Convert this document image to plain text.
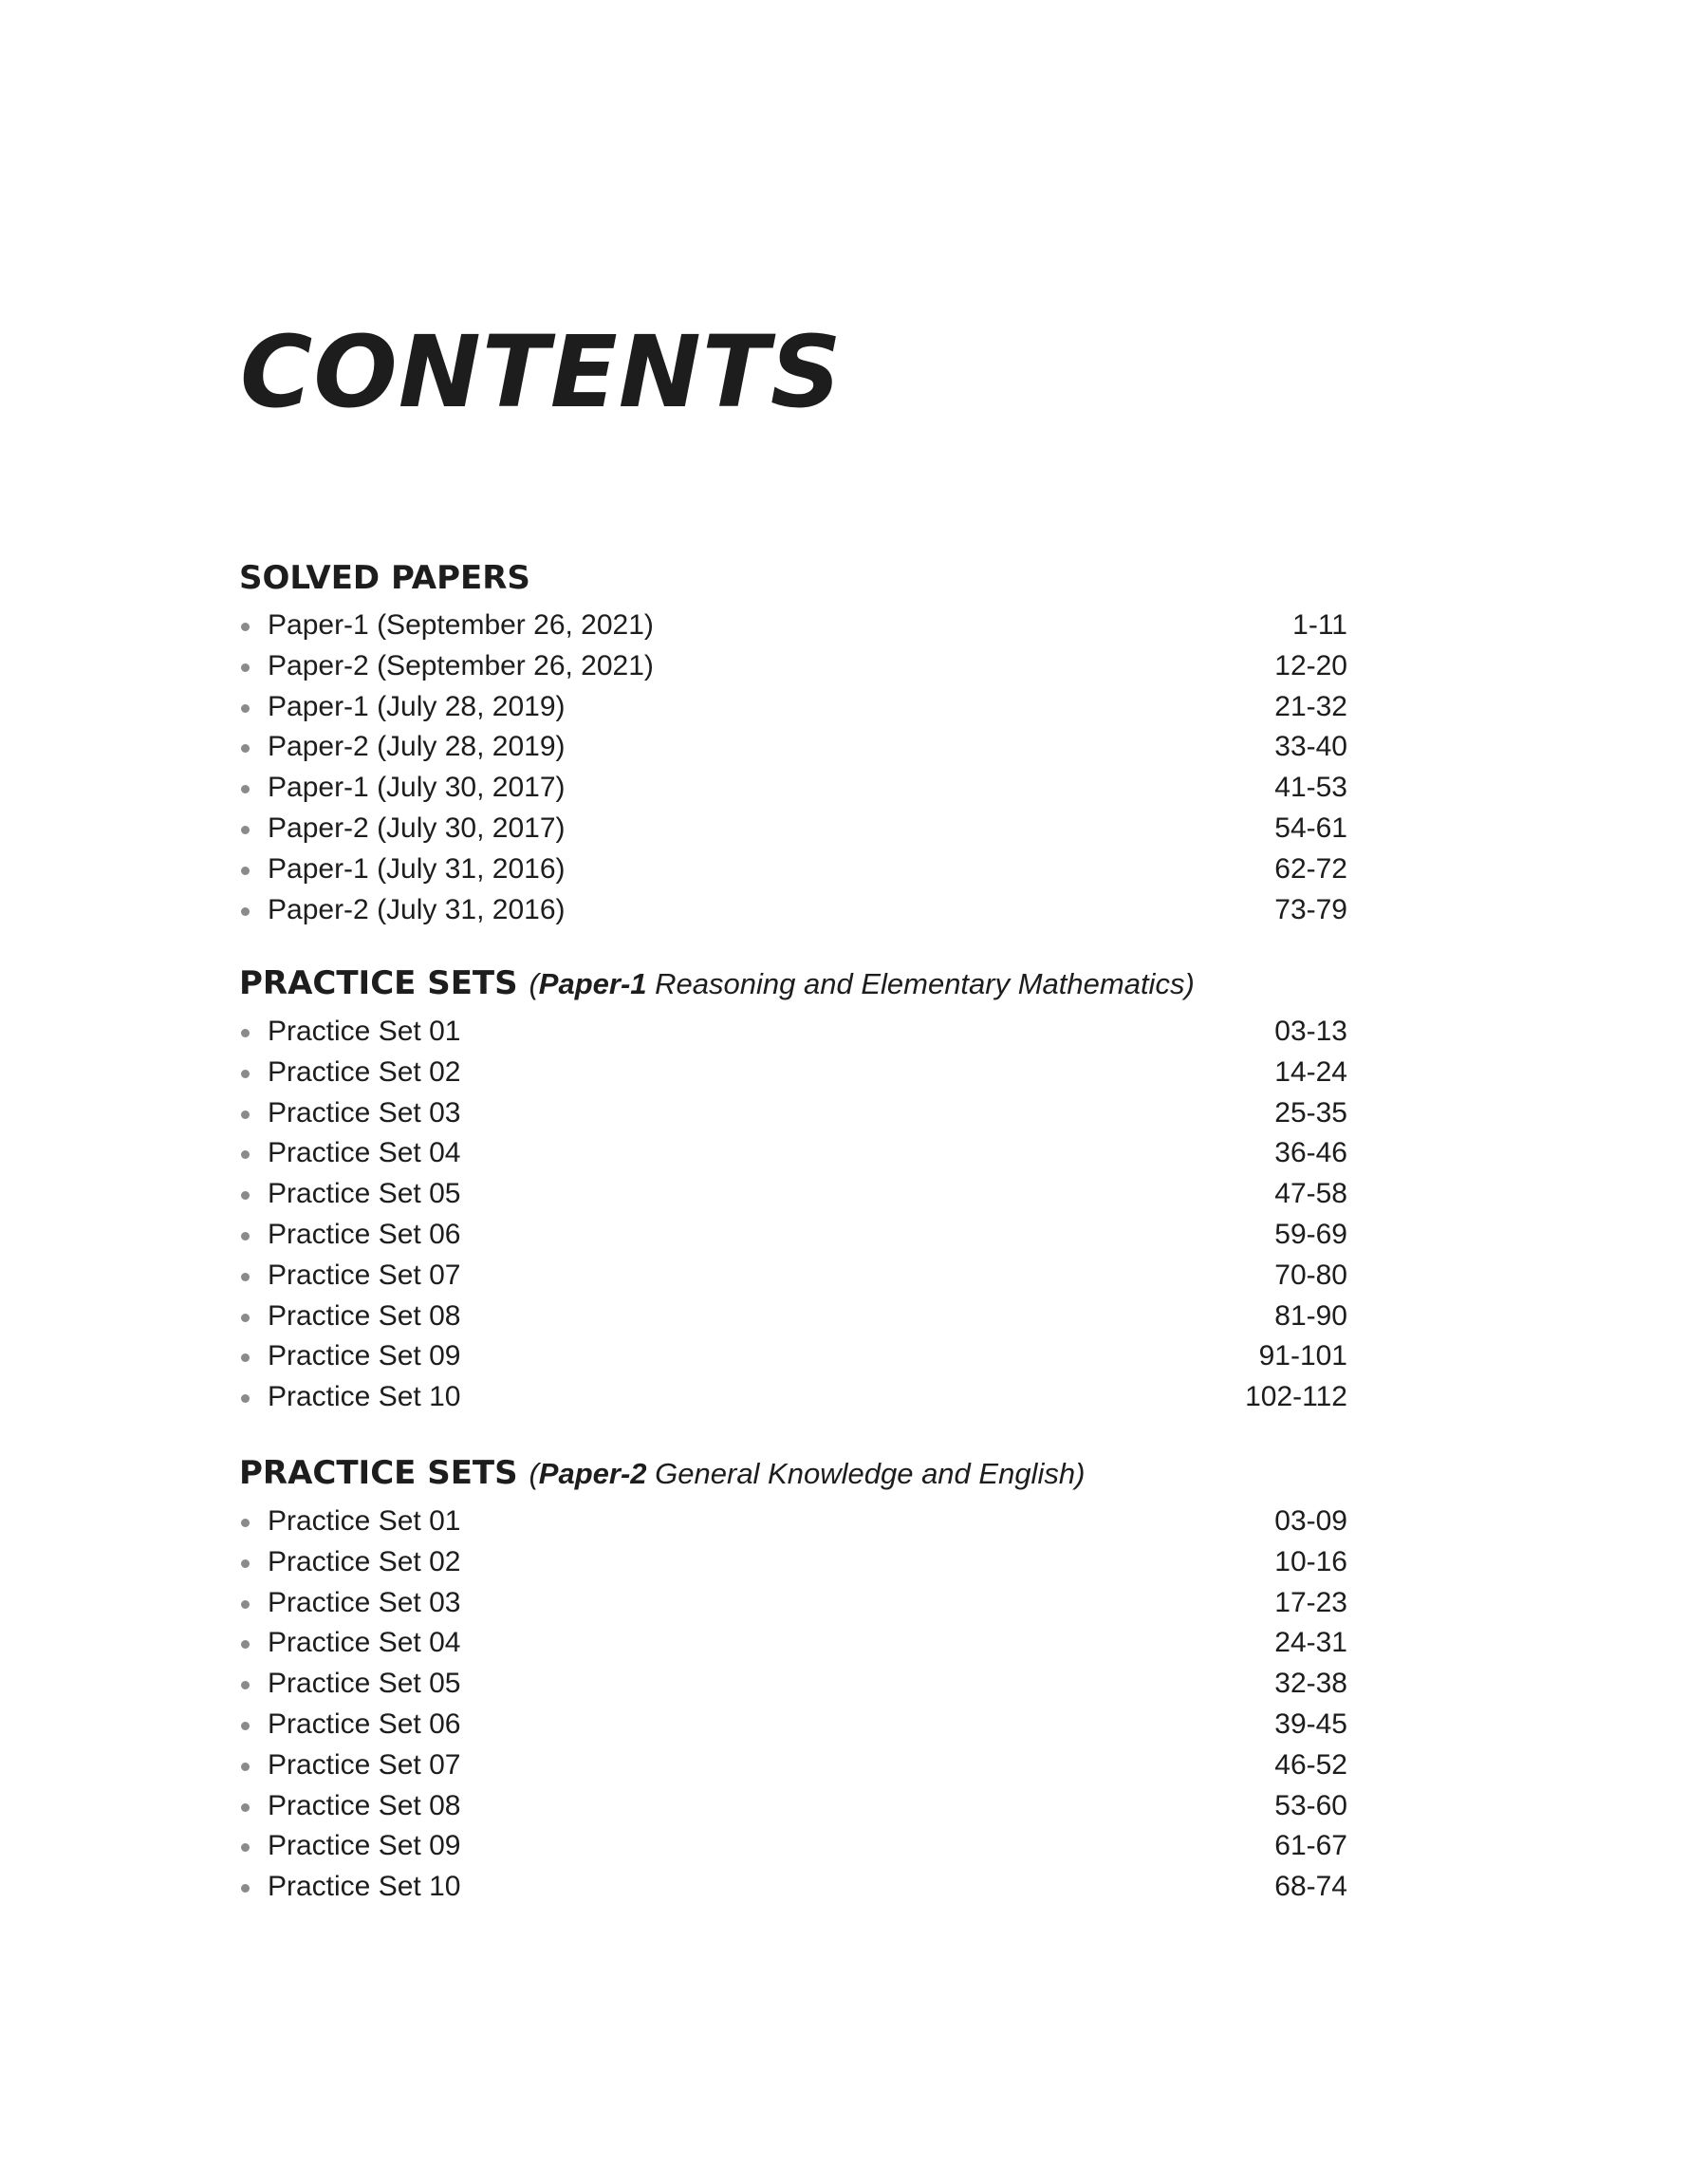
CONTENTS
SOLVED PAPERS
Paper-1 (September 26, 2021)	1-11
Paper-2 (September 26, 2021)	12-20
Paper-1 (July 28, 2019)	21-32
Paper-2 (July 28, 2019)	33-40
Paper-1 (July 30, 2017)	41-53
Paper-2 (July 30, 2017)	54-61
Paper-1 (July 31, 2016)	62-72
Paper-2 (July 31, 2016)	73-79
PRACTICE SETS (Paper-1 Reasoning and Elementary Mathematics)
Practice Set 01	03-13
Practice Set 02	14-24
Practice Set 03	25-35
Practice Set 04	36-46
Practice Set 05	47-58
Practice Set 06	59-69
Practice Set 07	70-80
Practice Set 08	81-90
Practice Set 09	91-101
Practice Set 10	102-112
PRACTICE SETS (Paper-2 General Knowledge and English)
Practice Set 01	03-09
Practice Set 02	10-16
Practice Set 03	17-23
Practice Set 04	24-31
Practice Set 05	32-38
Practice Set 06	39-45
Practice Set 07	46-52
Practice Set 08	53-60
Practice Set 09	61-67
Practice Set 10	68-74
